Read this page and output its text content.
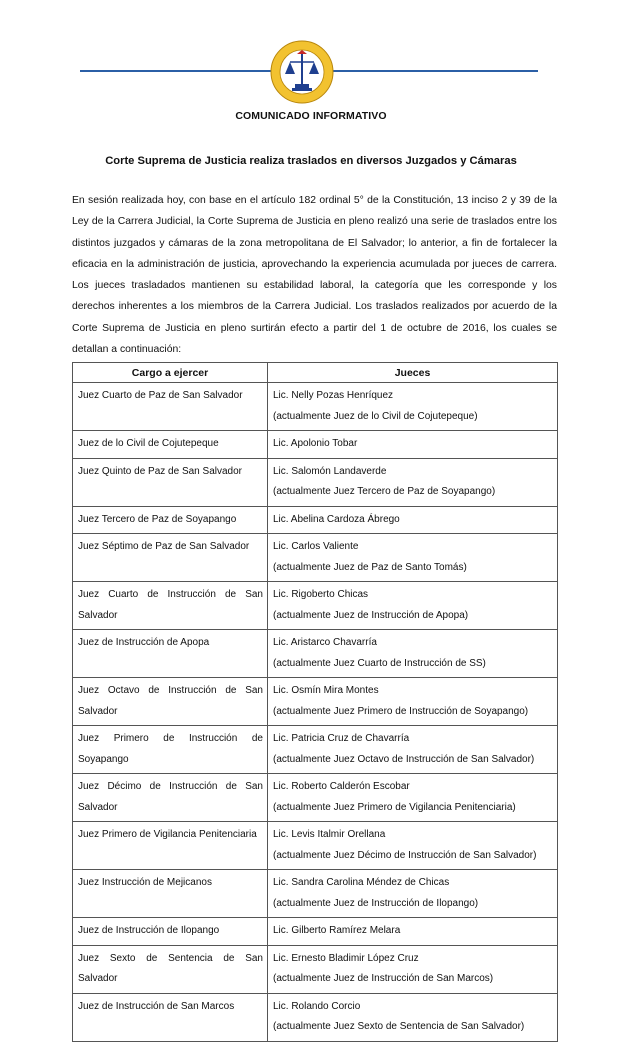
COMUNICADO INFORMATIVO
Corte Suprema de Justicia realiza traslados en diversos Juzgados y Cámaras

En sesión realizada hoy, con base en el artículo 182 ordinal 5° de la Constitución, 13 inciso 2 y 39 de la Ley de la Carrera Judicial, la Corte Suprema de Justicia en pleno realizó una serie de traslados entre los distintos juzgados y cámaras de la zona metropolitana de El Salvador; lo anterior, a fin de fortalecer la eficacia en la administración de justicia, aprovechando la experiencia acumulada por jueces de carrera. Los jueces trasladados mantienen su estabilidad laboral, la categoría que les corresponde y los derechos inherentes a los miembros de la Carrera Judicial. Los traslados realizados por acuerdo de la Corte Suprema de Justicia en pleno surtirán efecto a partir del 1 de octubre de 2016, los cuales se detallan a continuación:

Cargo a ejercer	Jueces
Juez Cuarto de Paz de San Salvador	Lic. Nelly Pozas Henríquez
(actualmente Juez de lo Civil de Cojutepeque)

Juez de lo Civil de Cojutepeque	Lic. Apolonio Tobar

Juez Quinto de Paz de San Salvador	Lic. Salomón Landaverde
(actualmente Juez Tercero de Paz de Soyapango)

Juez Tercero de Paz de Soyapango	Lic. Abelina Cardoza Ábrego

Juez Séptimo de Paz de San Salvador	Lic. Carlos Valiente
(actualmente Juez de Paz de Santo Tomás)

Juez Cuarto de Instrucción de San Salvador	Lic. Rigoberto Chicas
(actualmente Juez de Instrucción de Apopa)

Juez de Instrucción de Apopa	Lic. Aristarco Chavarría
(actualmente Juez Cuarto de Instrucción de SS)

Juez Octavo de Instrucción de San Salvador	Lic. Osmín Mira Montes
(actualmente Juez Primero de Instrucción de Soyapango)

Juez Primero de Instrucción de Soyapango	Lic. Patricia Cruz de Chavarría
(actualmente Juez Octavo de Instrucción de San Salvador)

Juez Décimo de Instrucción de San Salvador	Lic. Roberto Calderón Escobar
(actualmente Juez Primero de Vigilancia Penitenciaria)

Juez Primero de Vigilancia Penitenciaria	Lic. Levis Italmir Orellana
(actualmente Juez Décimo de Instrucción de San Salvador)

Juez Instrucción de Mejicanos	Lic. Sandra Carolina Méndez de Chicas
(actualmente Juez de Instrucción de Ilopango)

Juez de Instrucción de Ilopango	Lic. Gilberto Ramírez Melara

Juez Sexto de Sentencia de San Salvador	Lic. Ernesto Bladimir López Cruz
(actualmente Juez de Instrucción de San Marcos)

Juez de Instrucción de San Marcos	Lic. Rolando Corcio
(actualmente Juez Sexto de Sentencia de San Salvador)
